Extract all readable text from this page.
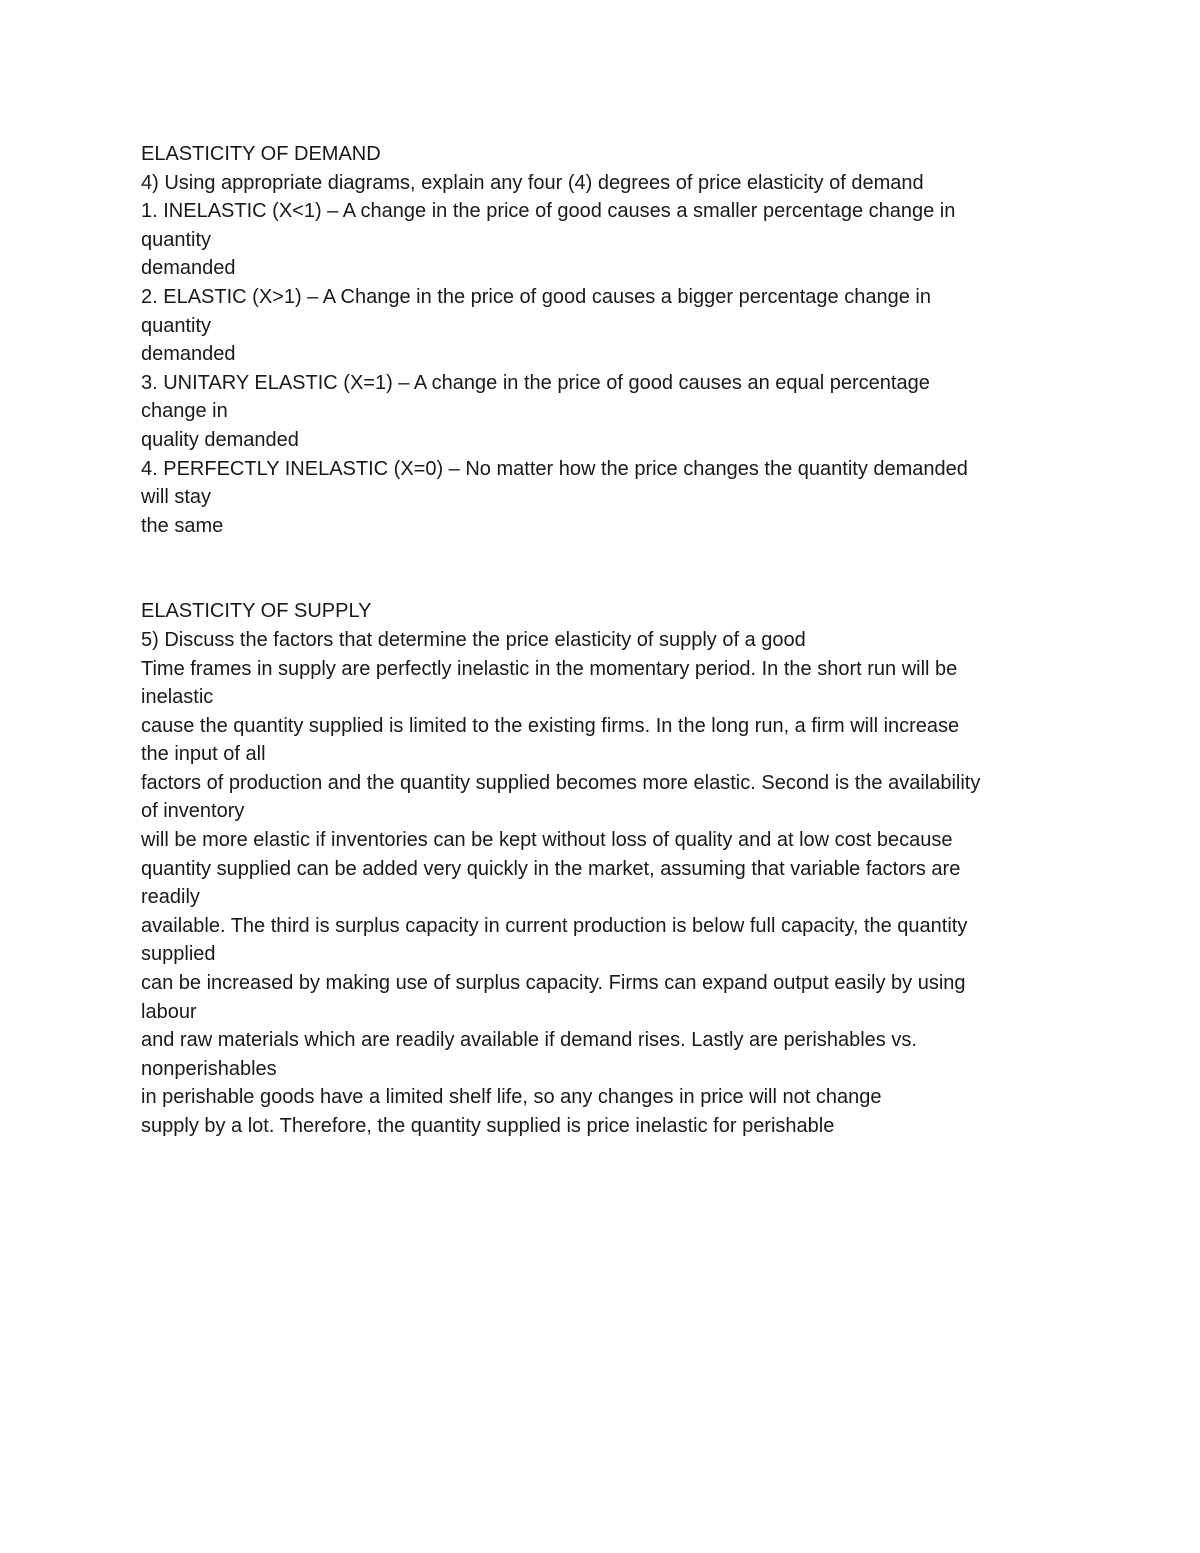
ELASTICITY OF DEMAND

4) Using appropriate diagrams, explain any four (4) degrees of price elasticity of demand

1. INELASTIC (X<1) – A change in the price of good causes a smaller percentage change in

quantity

demanded

2. ELASTIC (X>1) – A Change in the price of good causes a bigger percentage change in

quantity

demanded

3. UNITARY ELASTIC (X=1) – A change in the price of good causes an equal percentage

change in

quality demanded

4. PERFECTLY INELASTIC (X=0) – No matter how the price changes the quantity demanded

will stay

the same

ELASTICITY OF SUPPLY

5) Discuss the factors that determine the price elasticity of supply of a good

Time frames in supply are perfectly inelastic in the momentary period. In the short run will be

inelastic

cause the quantity supplied is limited to the existing firms. In the long run, a firm will increase

the input of all

factors of production and the quantity supplied becomes more elastic. Second is the availability

of inventory

will be more elastic if inventories can be kept without loss of quality and at low cost because

quantity supplied can be added very quickly in the market, assuming that variable factors are

readily

available. The third is surplus capacity in current production is below full capacity, the quantity

supplied

can be increased by making use of surplus capacity. Firms can expand output easily by using

labour

and raw materials which are readily available if demand rises. Lastly are perishables vs.

nonperishables

in perishable goods have a limited shelf life, so any changes in price will not change

supply by a lot. Therefore, the quantity supplied is price inelastic for perishable
